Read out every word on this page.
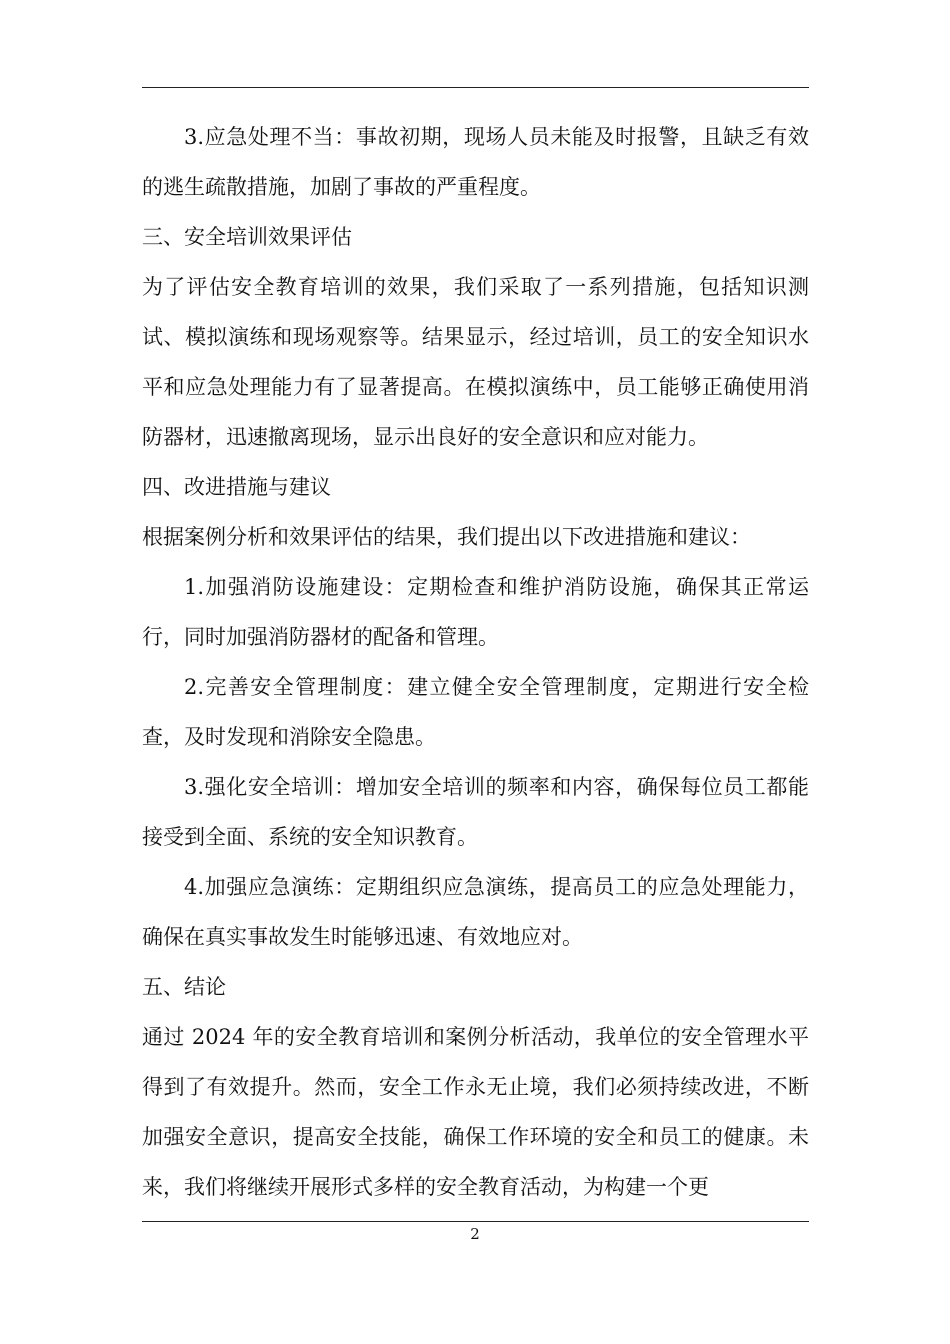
3.应急处理不当：事故初期，现场人员未能及时报警，且缺乏有效的逃生疏散措施，加剧了事故的严重程度。

三、安全培训效果评估

为了评估安全教育培训的效果，我们采取了一系列措施，包括知识测试、模拟演练和现场观察等。结果显示，经过培训，员工的安全知识水平和应急处理能力有了显著提高。在模拟演练中，员工能够正确使用消防器材，迅速撤离现场，显示出良好的安全意识和应对能力。

四、改进措施与建议

根据案例分析和效果评估的结果，我们提出以下改进措施和建议：

1.加强消防设施建设：定期检查和维护消防设施，确保其正常运行，同时加强消防器材的配备和管理。

2.完善安全管理制度：建立健全安全管理制度，定期进行安全检查，及时发现和消除安全隐患。

3.强化安全培训：增加安全培训的频率和内容，确保每位员工都能接受到全面、系统的安全知识教育。

4.加强应急演练：定期组织应急演练，提高员工的应急处理能力，确保在真实事故发生时能够迅速、有效地应对。

五、结论

通过 2024 年的安全教育培训和案例分析活动，我单位的安全管理水平得到了有效提升。然而，安全工作永无止境，我们必须持续改进，不断加强安全意识，提高安全技能，确保工作环境的安全和员工的健康。未来，我们将继续开展形式多样的安全教育活动，为构建一个更

2
